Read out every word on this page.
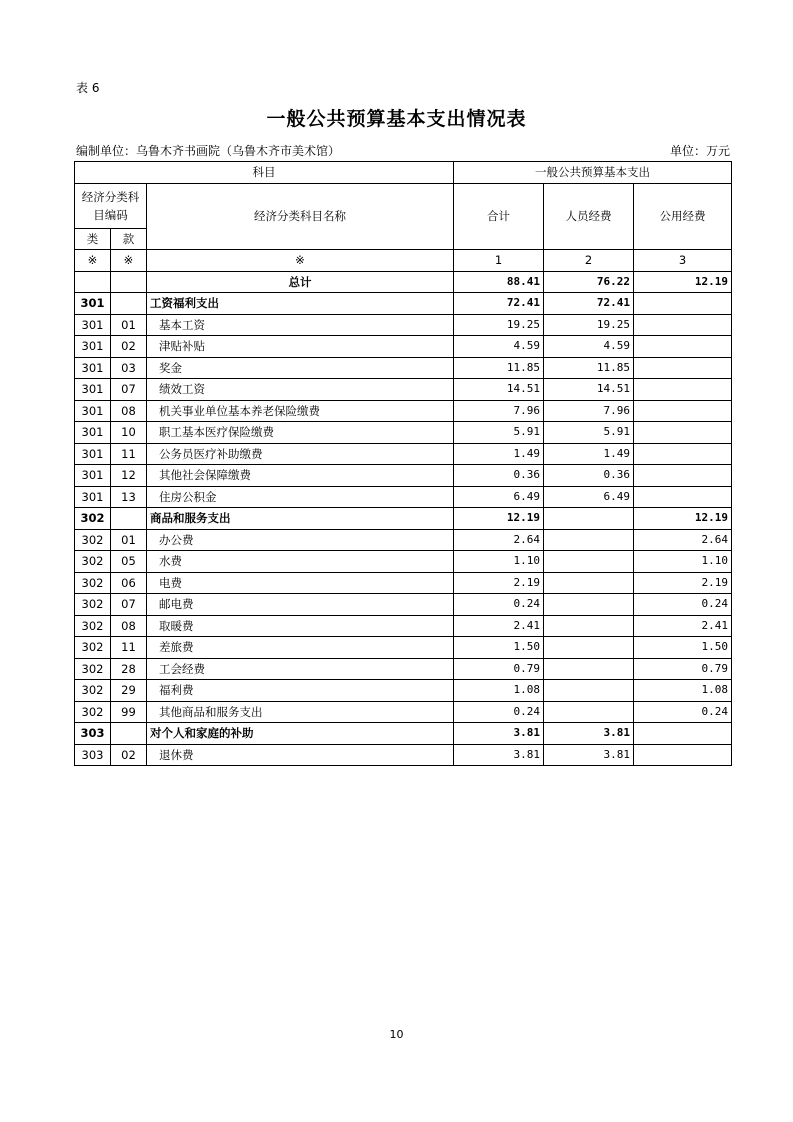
表 6
一般公共预算基本支出情况表
编制单位：乌鲁木齐书画院（乌鲁木齐市美术馆）	单位：万元
科目			一般公共预算基本支出		
经济分类科目编码		经济分类科目名称	合计	人员经费	公用经费
类	款				
※	※	※	1	2	3
		总计	88.41	76.22	12.19
301		工资福利支出	72.41	72.41	
301	01	基本工资	19.25	19.25	
301	02	津贴补贴	4.59	4.59	
301	03	奖金	11.85	11.85	
301	07	绩效工资	14.51	14.51	
301	08	机关事业单位基本养老保险缴费	7.96	7.96	
301	10	职工基本医疗保险缴费	5.91	5.91	
301	11	公务员医疗补助缴费	1.49	1.49	
301	12	其他社会保障缴费	0.36	0.36	
301	13	住房公积金	6.49	6.49	
302		商品和服务支出	12.19		12.19
302	01	办公费	2.64		2.64
302	05	水费	1.10		1.10
302	06	电费	2.19		2.19
302	07	邮电费	0.24		0.24
302	08	取暖费	2.41		2.41
302	11	差旅费	1.50		1.50
302	28	工会经费	0.79		0.79
302	29	福利费	1.08		1.08
302	99	其他商品和服务支出	0.24		0.24
303		对个人和家庭的补助	3.81	3.81	
303	02	退休费	3.81	3.81	
10
